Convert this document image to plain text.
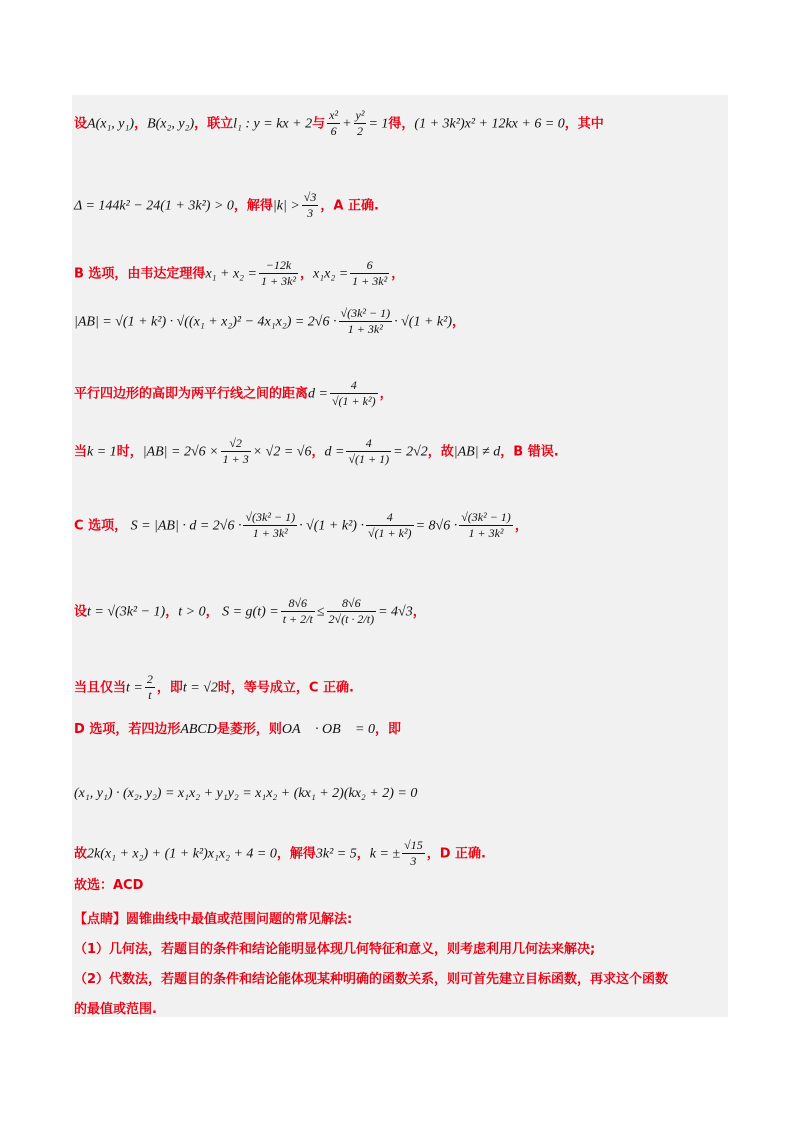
设A(x₁, y₁)，B(x₂, y₂)，联立l₁ : y = kx + 2与 $\frac{\text{x²}}{6} + \frac{\text{y²}}{2} = 1$得，(1 + 3k²)x² + 12kx + 6 = 0，其中
Δ = 144k² − 24(1 + 3k²) > 0，解得$|k| > \frac{√3}{3}$ ，A 正确.
B 选项，由韦达定理得$x_1 + x_2 = \frac{-12k}{\text{1 + 3k²}}$ ，$x_1x_2 = \frac{6}{\text{1 + 3k²}}$ ，
$|AB| = √(1 + k^2) \cdot √((x_1 + x_2)^2 - 4x_1x_2) = 2√6 \cdot \frac{\text{√(3k² − 1)}}{\text{1 + 3k²}} \cdot √(1 + k^2)$，
平行四边形的高即为两平行线之间的距离$d = \frac{4}{\text{√(1 + k²)}}$ ，
当k = 1时，$|AB| = 2√6 \times \frac{√2}{1 + 3} \times √2 = √6$，$d = \frac{4}{√(1 + 1)} = 2√2$，故|AB| ≠ d，B 错误.
C 选项， $S = |AB| \cdot d = 2√6 \cdot \frac{\text{√(3k² − 1)}}{\text{1 + 3k²}} \cdot √(1 + k^2) \cdot \frac{4}{\text{√(1 + k²)}} = 8√6 \cdot \frac{\text{√(3k² − 1)}}{\text{1 + 3k²}}$ ，
设t = √(3k² − 1)，t > 0， $S = g(t) = \frac{8√6}{t + 2/t} \le \frac{8√6}{2√(t \cdot 2/t)} = 4√3$，
当且仅当$t = \frac{2}{t}$ ，即t = √2时，等号成立，C 正确.
D 选项，若四边形ABCD是菱形，则OA⃗ · OB⃗ = 0，即
(x₁, y₁) · (x₂, y₂) = x₁x₂ + y₁y₂ = x₁x₂ + (kx₁ + 2)(kx₂ + 2) = 0
故2k(x₁ + x₂) + (1 + k²)x₁x₂ + 4 = 0，解得3k² = 5，k = ± $\frac{√15}{3}$ ，D 正确.
故选：ACD
【点睛】圆锥曲线中最值或范围问题的常见解法:
（1）几何法，若题目的条件和结论能明显体现几何特征和意义，则考虑利用几何法来解决;
（2）代数法，若题目的条件和结论能体现某种明确的函数关系，则可首先建立目标函数，再求这个函数
的最值或范围.
